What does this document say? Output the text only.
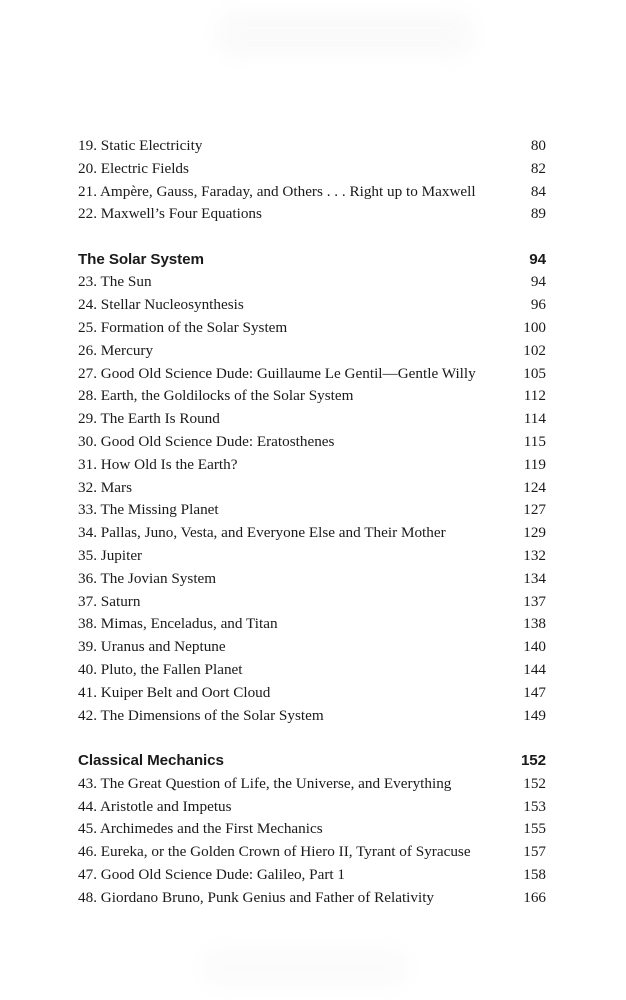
19. Static Electricity	80
20. Electric Fields	82
21. Ampère, Gauss, Faraday, and Others . . . Right up to Maxwell	84
22. Maxwell’s Four Equations	89
The Solar System	94
23. The Sun	94
24. Stellar Nucleosynthesis	96
25. Formation of the Solar System	100
26. Mercury	102
27. Good Old Science Dude: Guillaume Le Gentil—Gentle Willy	105
28. Earth, the Goldilocks of the Solar System	112
29. The Earth Is Round	114
30. Good Old Science Dude: Eratosthenes	115
31. How Old Is the Earth?	119
32. Mars	124
33. The Missing Planet	127
34. Pallas, Juno, Vesta, and Everyone Else and Their Mother	129
35. Jupiter	132
36. The Jovian System	134
37. Saturn	137
38. Mimas, Enceladus, and Titan	138
39. Uranus and Neptune	140
40. Pluto, the Fallen Planet	144
41. Kuiper Belt and Oort Cloud	147
42. The Dimensions of the Solar System	149
Classical Mechanics	152
43. The Great Question of Life, the Universe, and Everything	152
44. Aristotle and Impetus	153
45. Archimedes and the First Mechanics	155
46. Eureka, or the Golden Crown of Hiero II, Tyrant of Syracuse	157
47. Good Old Science Dude: Galileo, Part 1	158
48. Giordano Bruno, Punk Genius and Father of Relativity	166
